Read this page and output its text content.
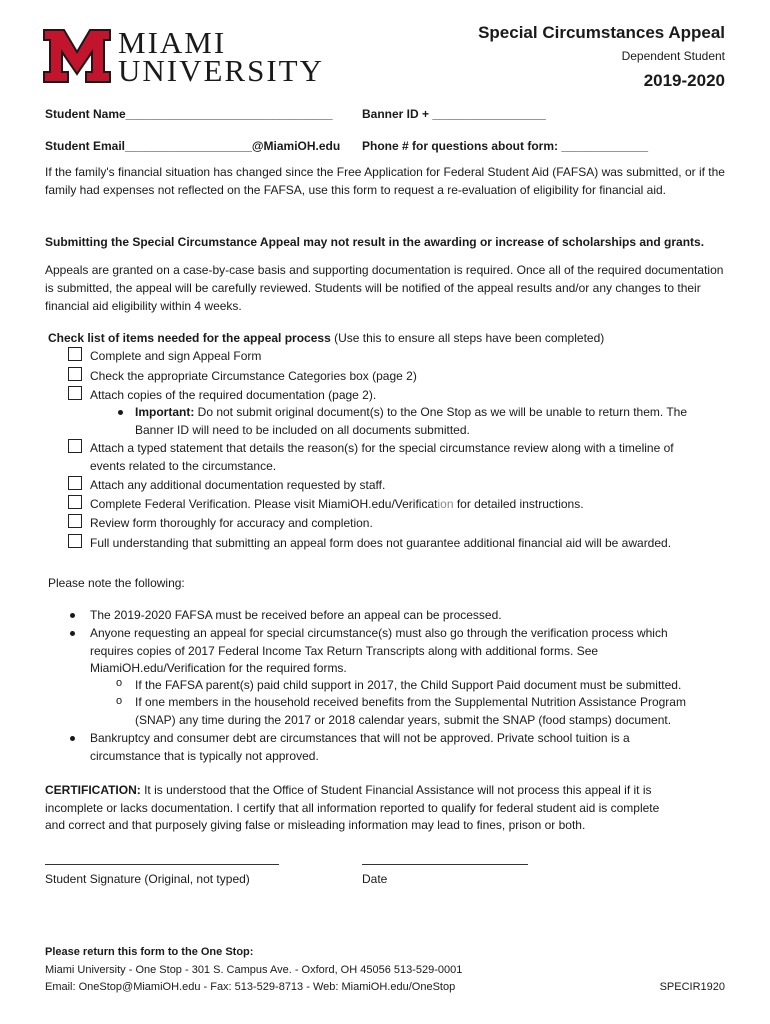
MIAMI
UNIVERSITY
Special Circumstances Appeal
Dependent Student
2019-2020
Student Name_______________________________ Banner ID + _________________
Student Email___________________@MiamiOH.edu Phone # for questions about form: _____________
If the family's financial situation has changed since the Free Application for Federal Student Aid (FAFSA) was submitted, or if the family had expenses not reflected on the FAFSA, use this form to request a re-evaluation of eligibility for financial aid.
Submitting the Special Circumstance Appeal may not result in the awarding or increase of scholarships and grants.
Appeals are granted on a case-by-case basis and supporting documentation is required. Once all of the required documentation is submitted, the appeal will be carefully reviewed. Students will be notified of the appeal results and/or any changes to their financial aid eligibility within 4 weeks.
Check list of items needed for the appeal process (Use this to ensure all steps have been completed)
Complete and sign Appeal Form
Check the appropriate Circumstance Categories box (page 2)
Attach copies of the required documentation (page 2).
Important: Do not submit original document(s) to the One Stop as we will be unable to return them. The
Banner ID will need to be included on all documents submitted.
Attach a typed statement that details the reason(s) for the special circumstance review along with a timeline of
events related to the circumstance.
Attach any additional documentation requested by staff.
Complete Federal Verification. Please visit MiamiOH.edu/Verification for detailed instructions.
Review form thoroughly for accuracy and completion.
Full understanding that submitting an appeal form does not guarantee additional financial aid will be awarded.
Please note the following:
The 2019-2020 FAFSA must be received before an appeal can be processed.
Anyone requesting an appeal for special circumstance(s) must also go through the verification process which
requires copies of 2017 Federal Income Tax Return Transcripts along with additional forms. See
MiamiOH.edu/Verification for the required forms.
o If the FAFSA parent(s) paid child support in 2017, the Child Support Paid document must be submitted.
o If one members in the household received benefits from the Supplemental Nutrition Assistance Program
(SNAP) any time during the 2017 or 2018 calendar years, submit the SNAP (food stamps) document.
Bankruptcy and consumer debt are circumstances that will not be approved. Private school tuition is a
circumstance that is typically not approved.
CERTIFICATION: It is understood that the Office of Student Financial Assistance will not process this appeal if it is
incomplete or lacks documentation. I certify that all information reported to qualify for federal student aid is complete
and correct and that purposely giving false or misleading information may lead to fines, prison or both.
Student Signature (Original, not typed)	Date
Please return this form to the One Stop:
Miami University - One Stop - 301 S. Campus Ave. - Oxford, OH 45056 513-529-0001
Email: OneStop@MiamiOH.edu - Fax: 513-529-8713 - Web: MiamiOH.edu/OneStop	SPECIR1920
